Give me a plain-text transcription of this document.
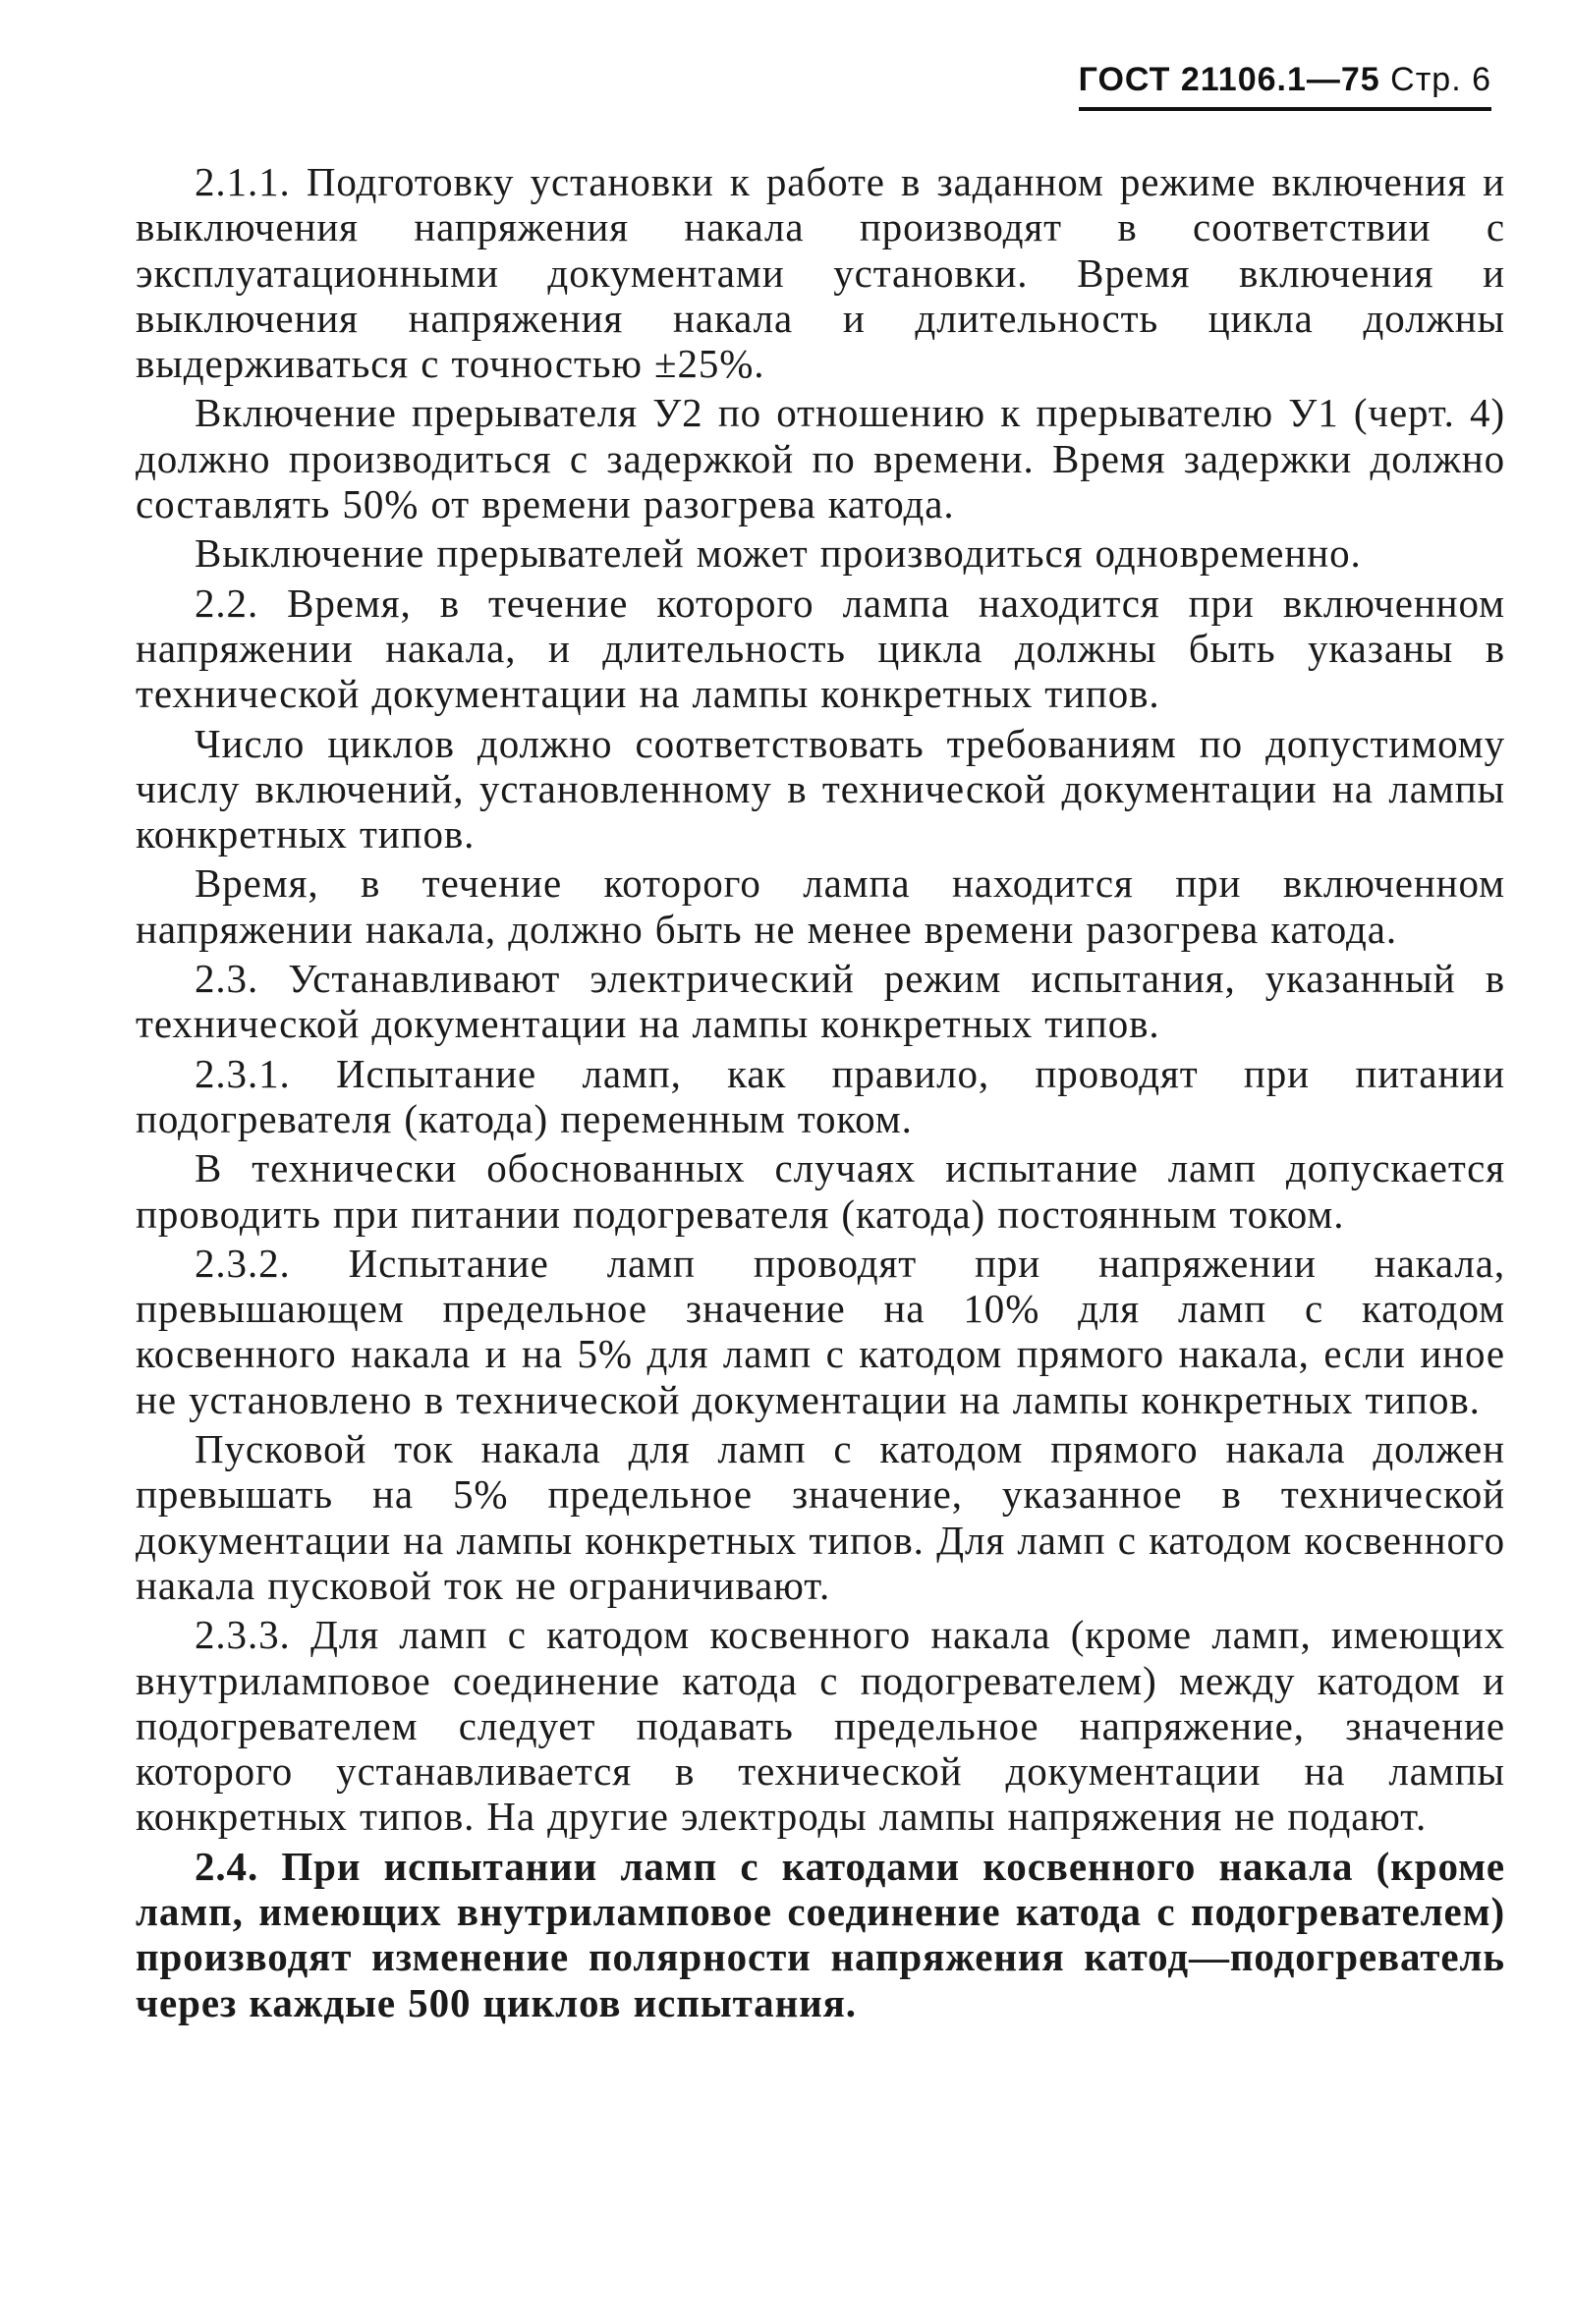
ГОСТ 21106.1—75 Стр. 6

2.1.1. Подготовку установки к работе в заданном режиме включения и выключения напряжения накала производят в соответствии с эксплуатационными документами установки. Время включения и выключения напряжения накала и длительность цикла должны выдерживаться с точностью ±25%.

Включение прерывателя У2 по отношению к прерывателю У1 (черт. 4) должно производиться с задержкой по времени. Время задержки должно составлять 50% от времени разогрева катода.

Выключение прерывателей может производиться одновременно.

2.2. Время, в течение которого лампа находится при включенном напряжении накала, и длительность цикла должны быть указаны в технической документации на лампы конкретных типов.

Число циклов должно соответствовать требованиям по допустимому числу включений, установленному в технической документации на лампы конкретных типов.

Время, в течение которого лампа находится при включенном напряжении накала, должно быть не менее времени разогрева катода.

2.3. Устанавливают электрический режим испытания, указанный в технической документации на лампы конкретных типов.

2.3.1. Испытание ламп, как правило, проводят при питании подогревателя (катода) переменным током.

В технически обоснованных случаях испытание ламп допускается проводить при питании подогревателя (катода) постоянным током.

2.3.2. Испытание ламп проводят при напряжении накала, превышающем предельное значение на 10% для ламп с катодом косвенного накала и на 5% для ламп с катодом прямого накала, если иное не установлено в технической документации на лампы конкретных типов.

Пусковой ток накала для ламп с катодом прямого накала должен превышать на 5% предельное значение, указанное в технической документации на лампы конкретных типов. Для ламп с катодом косвенного накала пусковой ток не ограничивают.

2.3.3. Для ламп с катодом косвенного накала (кроме ламп, имеющих внутриламповое соединение катода с подогревателем) между катодом и подогревателем следует подавать предельное напряжение, значение которого устанавливается в технической документации на лампы конкретных типов. На другие электроды лампы напряжения не подают.

2.4. При испытании ламп с катодами косвенного накала (кроме ламп, имеющих внутриламповое соединение катода с подогревателем) производят изменение полярности напряжения катод—подогреватель через каждые 500 циклов испытания.
